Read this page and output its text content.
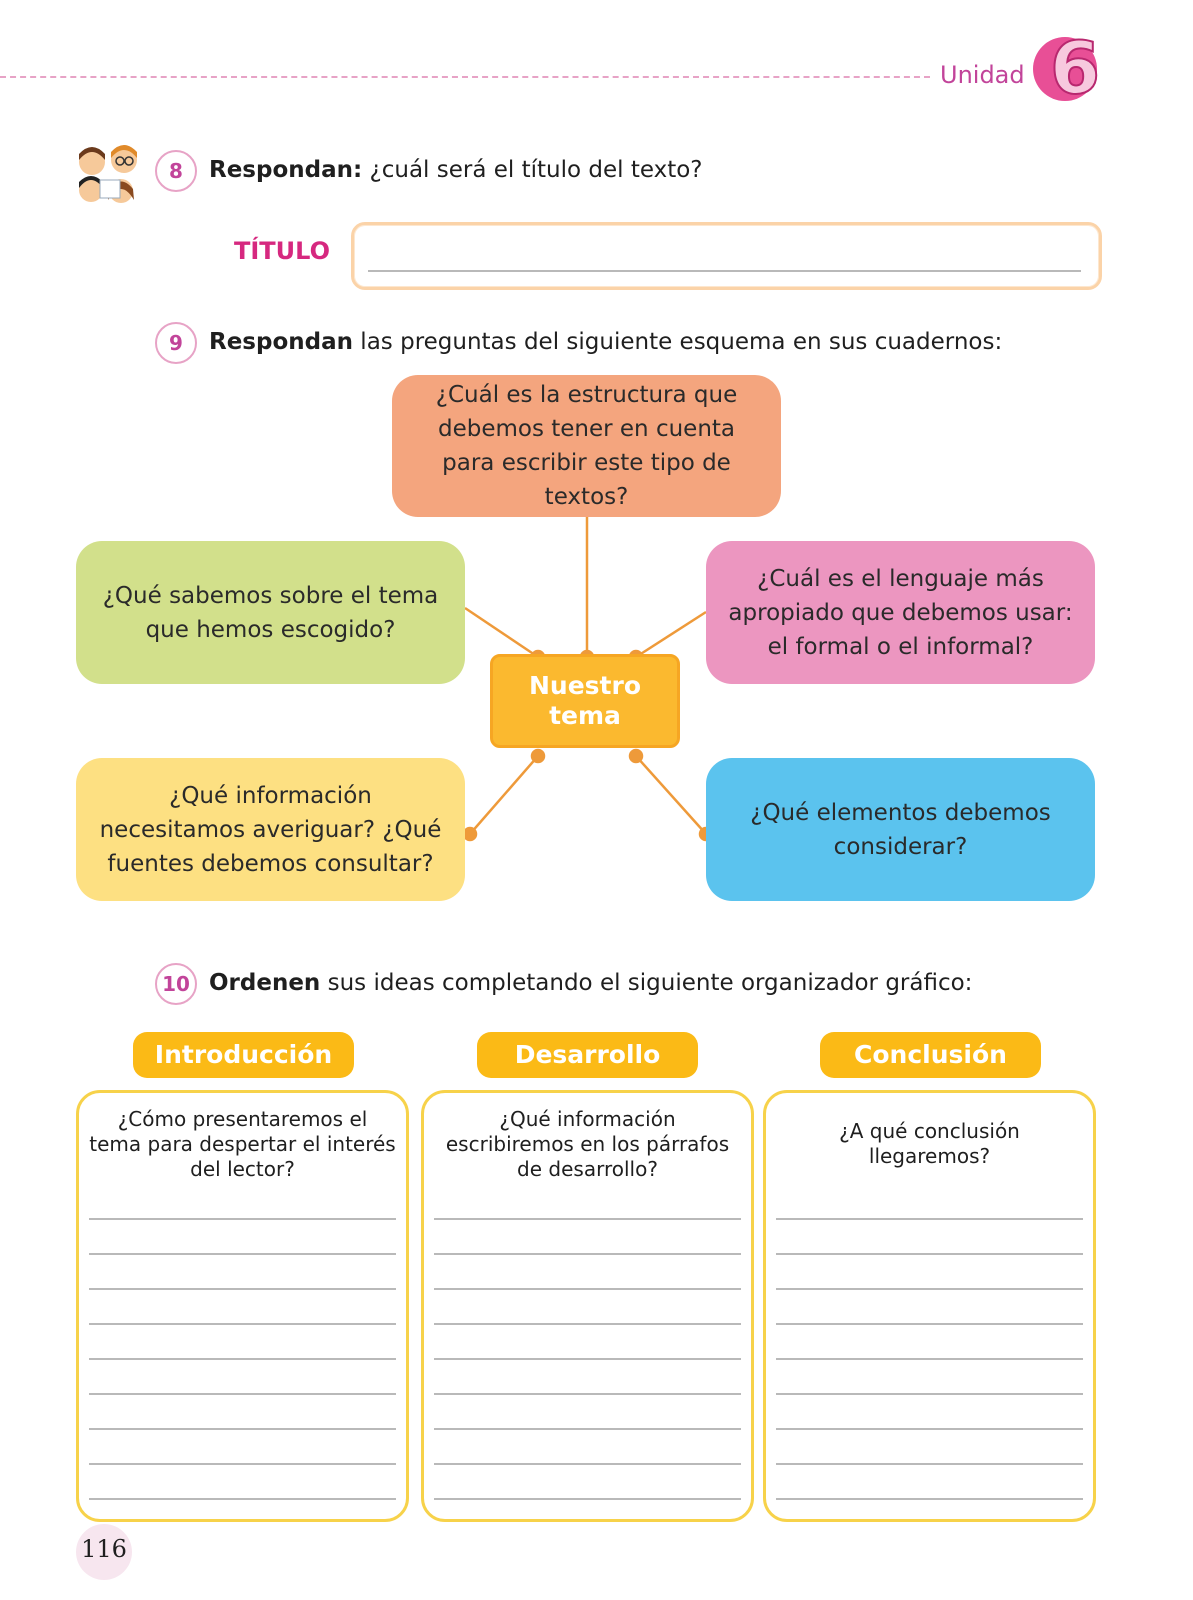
Unidad 6
8	Respondan: ¿cuál será el título del texto?
TÍTULO
9	Respondan las preguntas del siguiente esquema en sus cuadernos:
¿Cuál es la estructura que debemos tener en cuenta para escribir este tipo de textos?
¿Qué sabemos sobre el tema que hemos escogido?
¿Cuál es el lenguaje más apropiado que debemos usar: el formal o el informal?
¿Qué información necesitamos averiguar? ¿Qué fuentes debemos consultar?
¿Qué elementos debemos considerar?
Nuestro
tema
10 Ordenen sus ideas completando el siguiente organizador gráfico:
Introducción	Desarrollo	Conclusión
¿Cómo presentaremos el tema para despertar el interés del lector?
¿Qué información escribiremos en los párrafos de desarrollo?
¿A qué conclusión llegaremos?
116
